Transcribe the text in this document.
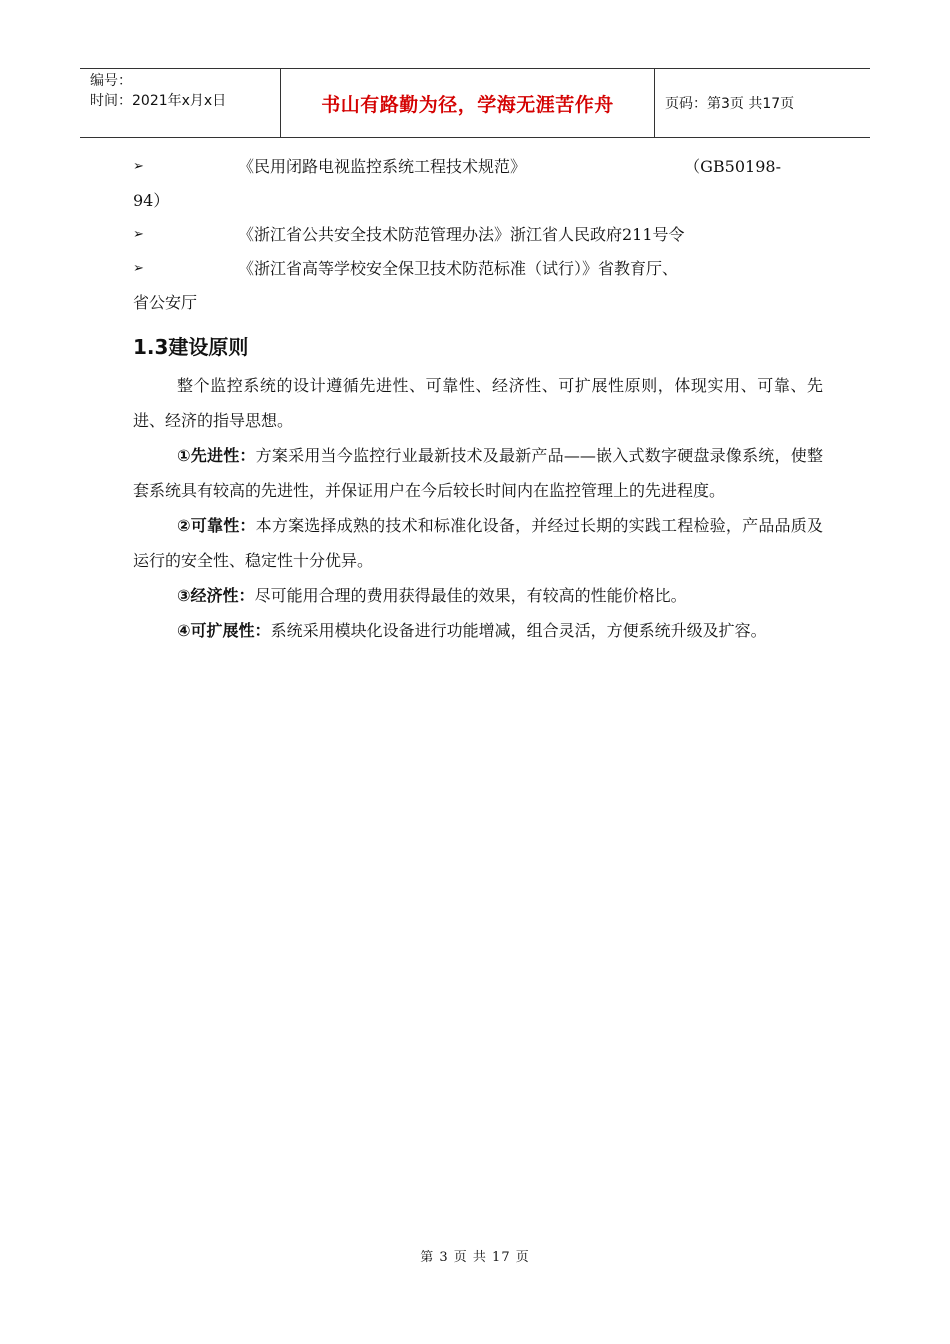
编号：
时间：2021年x月x日	书山有路勤为径，学海无涯苦作舟	页码：第3页 共17页
➢	《民用闭路电视监控系统工程技术规范》	（GB50198-
94）
➢	《浙江省公共安全技术防范管理办法》浙江省人民政府211号令
➢	《浙江省高等学校安全保卫技术防范标准（试行）》省教育厅、
省公安厅
1.3建设原则

整个监控系统的设计遵循先进性、可靠性、经济性、可扩展性原则，体现实用、可靠、先进、经济的指导思想。

①先进性：方案采用当今监控行业最新技术及最新产品——嵌入式数字硬盘录像系统，使整套系统具有较高的先进性，并保证用户在今后较长时间内在监控管理上的先进程度。

②可靠性：本方案选择成熟的技术和标准化设备，并经过长期的实践工程检验，产品品质及运行的安全性、稳定性十分优异。

③经济性：尽可能用合理的费用获得最佳的效果，有较高的性能价格比。

④可扩展性：系统采用模块化设备进行功能增减，组合灵活，方便系统升级及扩容。

第 3 页 共 17 页
